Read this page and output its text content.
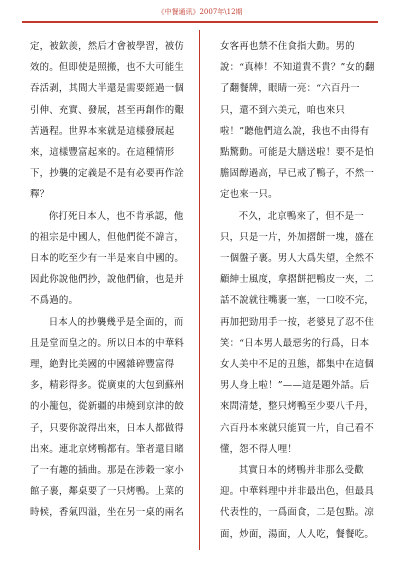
《中餐通讯》2007年\12期

定，被欽羨，然后才會被學習，被仿效的。但即使是照搬，也不大可能生吞活剥，其間大半還是需要經過一個引伸、充實、發展，甚至再創作的艱苦過程。世界本來就是這樣發展起來，這樣豐富起來的。在這種情形下，抄襲的定義是不是有必要再作詮釋？

你打死日本人，也不肯承認，他的祖宗是中國人，但他們從不諱言，日本的吃至少有一半是來自中國的。因此你說他們抄，說他們偷，也是并不爲過的。

日本人的抄襲幾乎是全面的，而且是堂而皇之的。所以日本的中華料理，絶對比美國的中國雜碎豐富得多，精彩得多。從廣東的大包到蘇州的小籠包，從新疆的串燒到京津的餃子，只要你說得出來，日本人都做得出來。連北京烤鴨都有。筆者還目睹了一有趣的插曲。那是在涉穀一家小館子裹，鄰桌要了一只烤鴨。上菜的時候，香氣四溢，坐在另一桌的兩名

女客再也禁不住食指大動。男的說：“真棒！不知道貴不貴？”女的翻了翻餐牌，眼睛一亮：“六百丹一只，還不到六美元，咱也來只啦！”聽他們這么說，我也不由得有點驚動。可能是大膳送啦！要不是怕膽固醇過高，早已戒了鴨子，不然一定也來一只。

不久，北京鴨來了，但不是一只，只是一片，外加摺餅一塊，盛在一個盤子裹。男人大爲失望，全然不顧紳士風度，拿摺餅把鴨皮一夾，二話不說就往嘴裹一塞，一口咬不完，再加把勁用手一按，老婆見了忍不住笑：“日本男人最惡劣的行爲，日本女人美中不足的丑態，都集中在這個男人身上啦！”——這是題外話。后來問清楚，整只烤鴨至少要八千丹，六百丹本來就只能買一片，自己看不懂，怨不得人哩！

其實日本的烤鴨并非那么受歡迎。中華料理中并非最出色，但最具代表性的，一爲面食，二是包點。凉面，炒面，湯面，人人吃，餐餐吃。
